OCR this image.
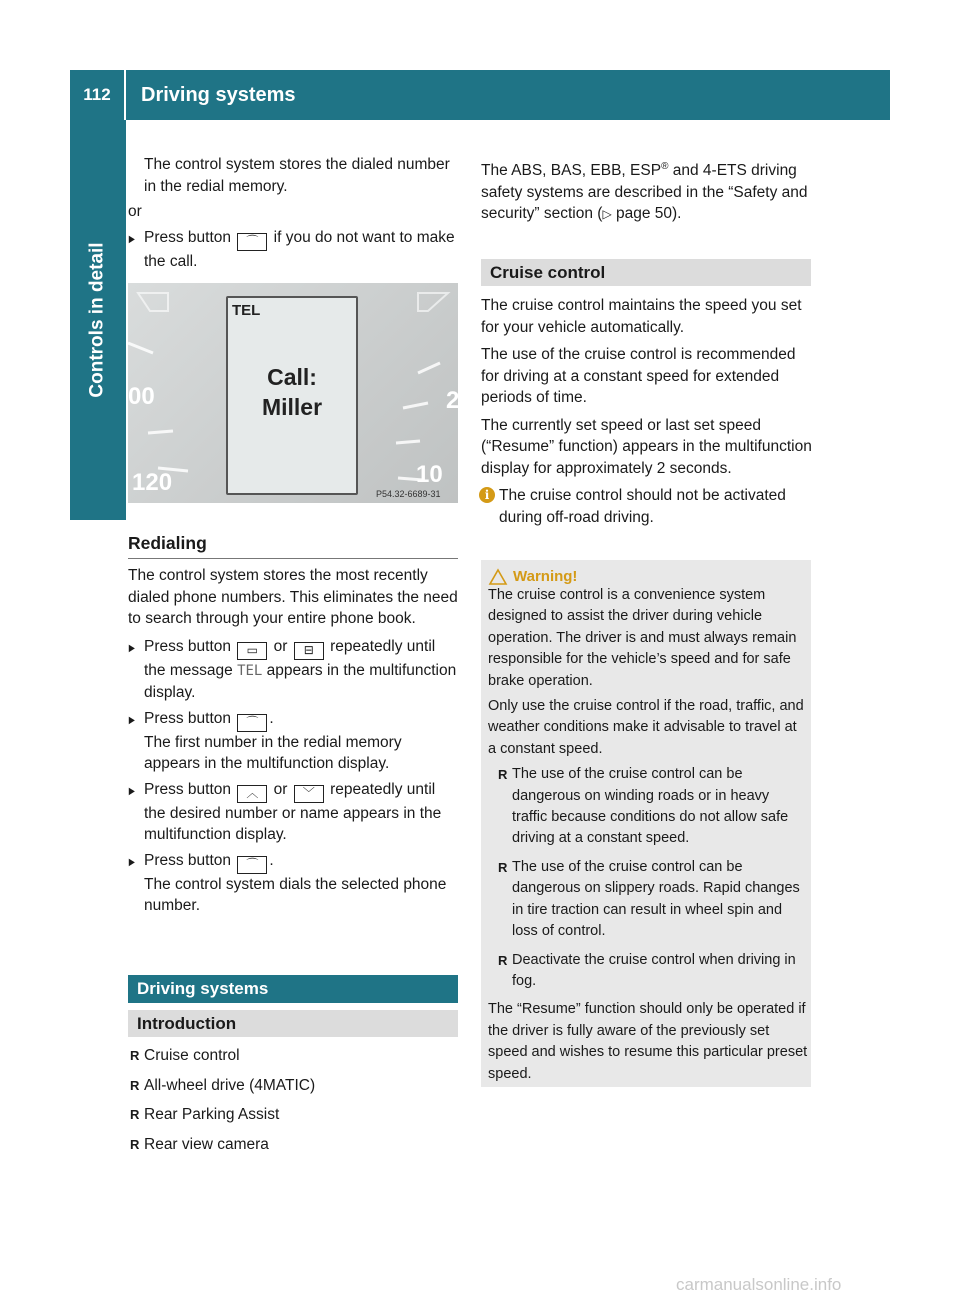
112	Driving systems
Controls in detail
The control system stores the dialed number in the redial memory.
or
▶ Press button ⌒ if you do not want to make the call.
00
120	10
2
TEL
Call:
Miller
P54.32-6689-31
Redialing
The control system stores the most recently dialed phone numbers. This eliminates the need to search through your entire phone book.
▶ Press button ▭ or ⊟ repeatedly until the message TEL appears in the multifunction display.
▶ Press button ⌒ .
The first number in the redial memory appears in the multifunction display.
▶ Press button ︿ or ﹀ repeatedly until the desired number or name appears in the multifunction display.
▶ Press button ⌒ .
The control system dials the selected phone number.
Driving systems
Introduction
R Cruise control
R All-wheel drive (4MATIC)
R Rear Parking Assist
R Rear view camera
The ABS, BAS, EBB, ESP® and 4-ETS driving safety systems are described in the “Safety and security” section (▷ page 50).
Cruise control
The cruise control maintains the speed you set for your vehicle automatically.
The use of the cruise control is recommended for driving at a constant speed for extended periods of time.
The currently set speed or last set speed (“Resume” function) appears in the multifunction display for approximately 2 seconds.
i The cruise control should not be activated during off-road driving.
Warning!
The cruise control is a convenience system designed to assist the driver during vehicle operation. The driver is and must always remain responsible for the vehicle’s speed and for safe brake operation.
Only use the cruise control if the road, traffic, and weather conditions make it advisable to travel at a constant speed.
R The use of the cruise control can be dangerous on winding roads or in heavy traffic because conditions do not allow safe driving at a constant speed.
R The use of the cruise control can be dangerous on slippery roads. Rapid changes in tire traction can result in wheel spin and loss of control.
R Deactivate the cruise control when driving in fog.
The “Resume” function should only be operated if the driver is fully aware of the previously set speed and wishes to resume this particular preset speed.
carmanualsonline.info
